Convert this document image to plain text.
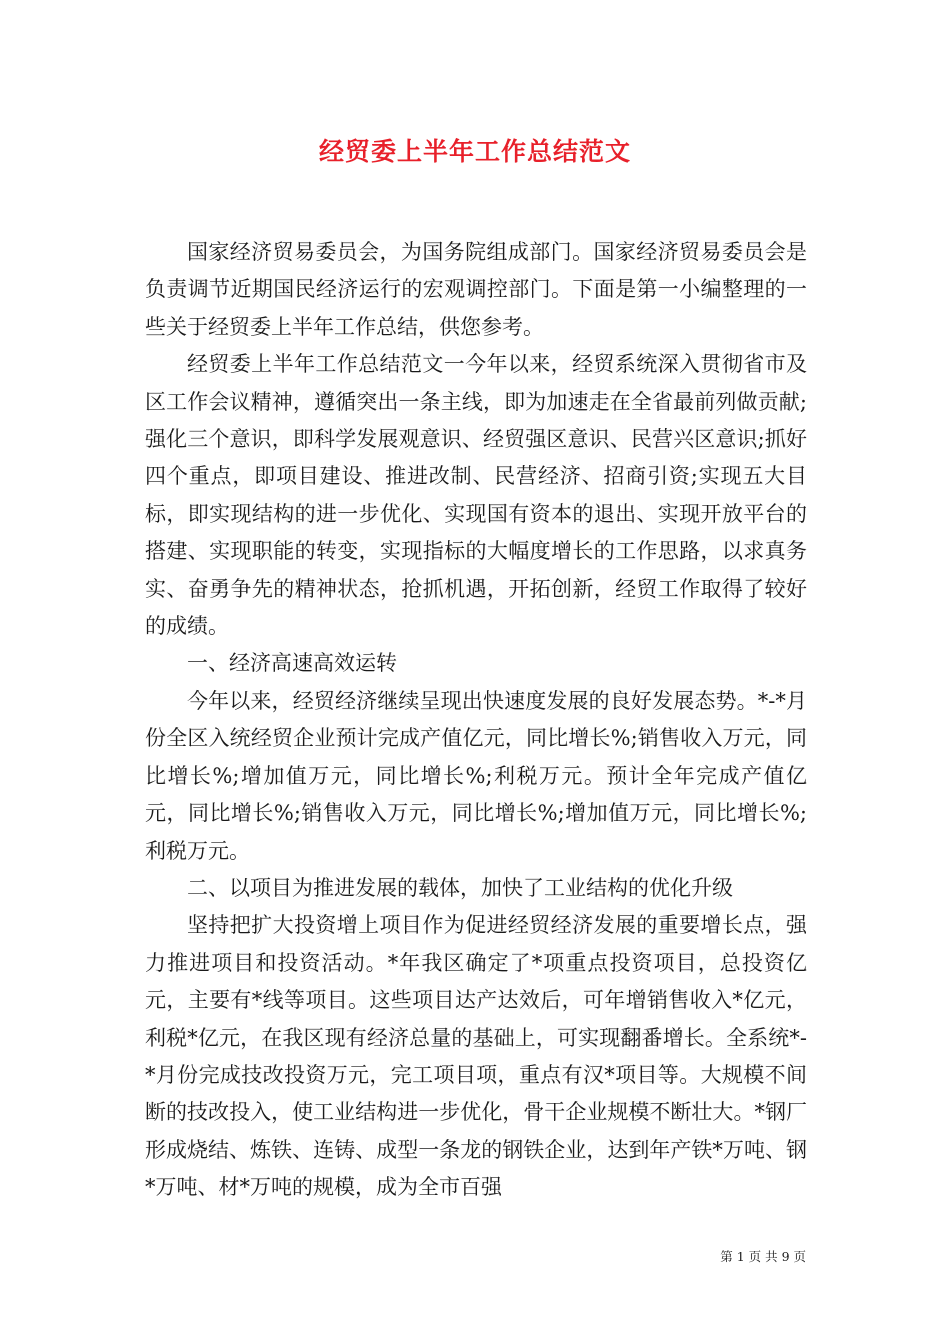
经贸委上半年工作总结范文

国家经济贸易委员会，为国务院组成部门。国家经济贸易委员会是负责调节近期国民经济运行的宏观调控部门。下面是第一小编整理的一些关于经贸委上半年工作总结，供您参考。

经贸委上半年工作总结范文一今年以来，经贸系统深入贯彻省市及区工作会议精神，遵循突出一条主线，即为加速走在全省最前列做贡献;强化三个意识，即科学发展观意识、经贸强区意识、民营兴区意识;抓好四个重点，即项目建设、推进改制、民营经济、招商引资;实现五大目标，即实现结构的进一步优化、实现国有资本的退出、实现开放平台的搭建、实现职能的转变，实现指标的大幅度增长的工作思路，以求真务实、奋勇争先的精神状态，抢抓机遇，开拓创新，经贸工作取得了较好的成绩。

一、经济高速高效运转

今年以来，经贸经济继续呈现出快速度发展的良好发展态势。*-*月份全区入统经贸企业预计完成产值亿元，同比增长%;销售收入万元，同比增长%;增加值万元，同比增长%;利税万元。预计全年完成产值亿元，同比增长%;销售收入万元，同比增长%;增加值万元，同比增长%;利税万元。

二、以项目为推进发展的载体，加快了工业结构的优化升级

坚持把扩大投资增上项目作为促进经贸经济发展的重要增长点，强力推进项目和投资活动。*年我区确定了*项重点投资项目，总投资亿元，主要有*线等项目。这些项目达产达效后，可年增销售收入*亿元，利税*亿元，在我区现有经济总量的基础上，可实现翻番增长。全系统*-*月份完成技改投资万元，完工项目项，重点有汉*项目等。大规模不间断的技改投入，使工业结构进一步优化，骨干企业规模不断壮大。*钢厂形成烧结、炼铁、连铸、成型一条龙的钢铁企业，达到年产铁*万吨、钢*万吨、材*万吨的规模，成为全市百强

第 1 页 共 9 页
